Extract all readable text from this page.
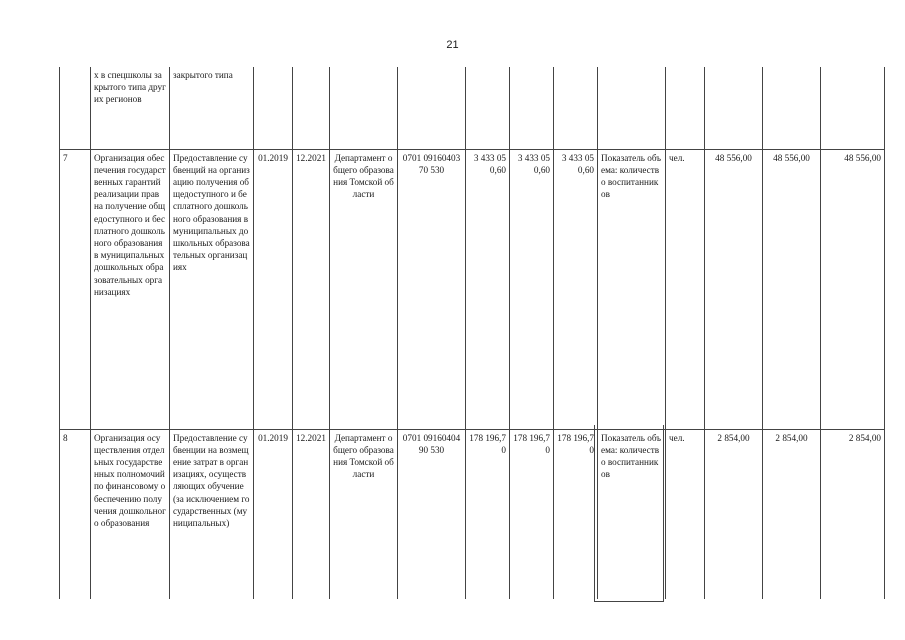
21
	х в спецшколы закрытого типа других регионов	закрытого типа												
7	Организация обеспечения государственных гарантий реализации прав на получение общедоступного и бесплатного дошкольного образования в муниципальных дошкольных образовательных организациях	Предоставление субвенций на организацию получения общедоступного и бесплатного дошкольного образования в муниципальных дошкольных образовательных организациях	01.2019	12.2021	Департамент общего образования Томской области	0701 0916040370 530	3 433 050,60	3 433 050,60	3 433 050,60	Показатель объема: количество воспитанников	чел.	48 556,00	48 556,00	48 556,00
8	Организация осуществления отдельных государственных полномочий по финансовому обеспечению получения дошкольного образования	Предоставление субвенции на возмещение затрат в организациях, осуществляющих обучение (за исключением государственных (муниципальных)	01.2019	12.2021	Департамент общего образования Томской области	0701 0916040490 530	178 196,70	178 196,70	178 196,70	Показатель объема: количество воспитанников	чел.	2 854,00	2 854,00	2 854,00
